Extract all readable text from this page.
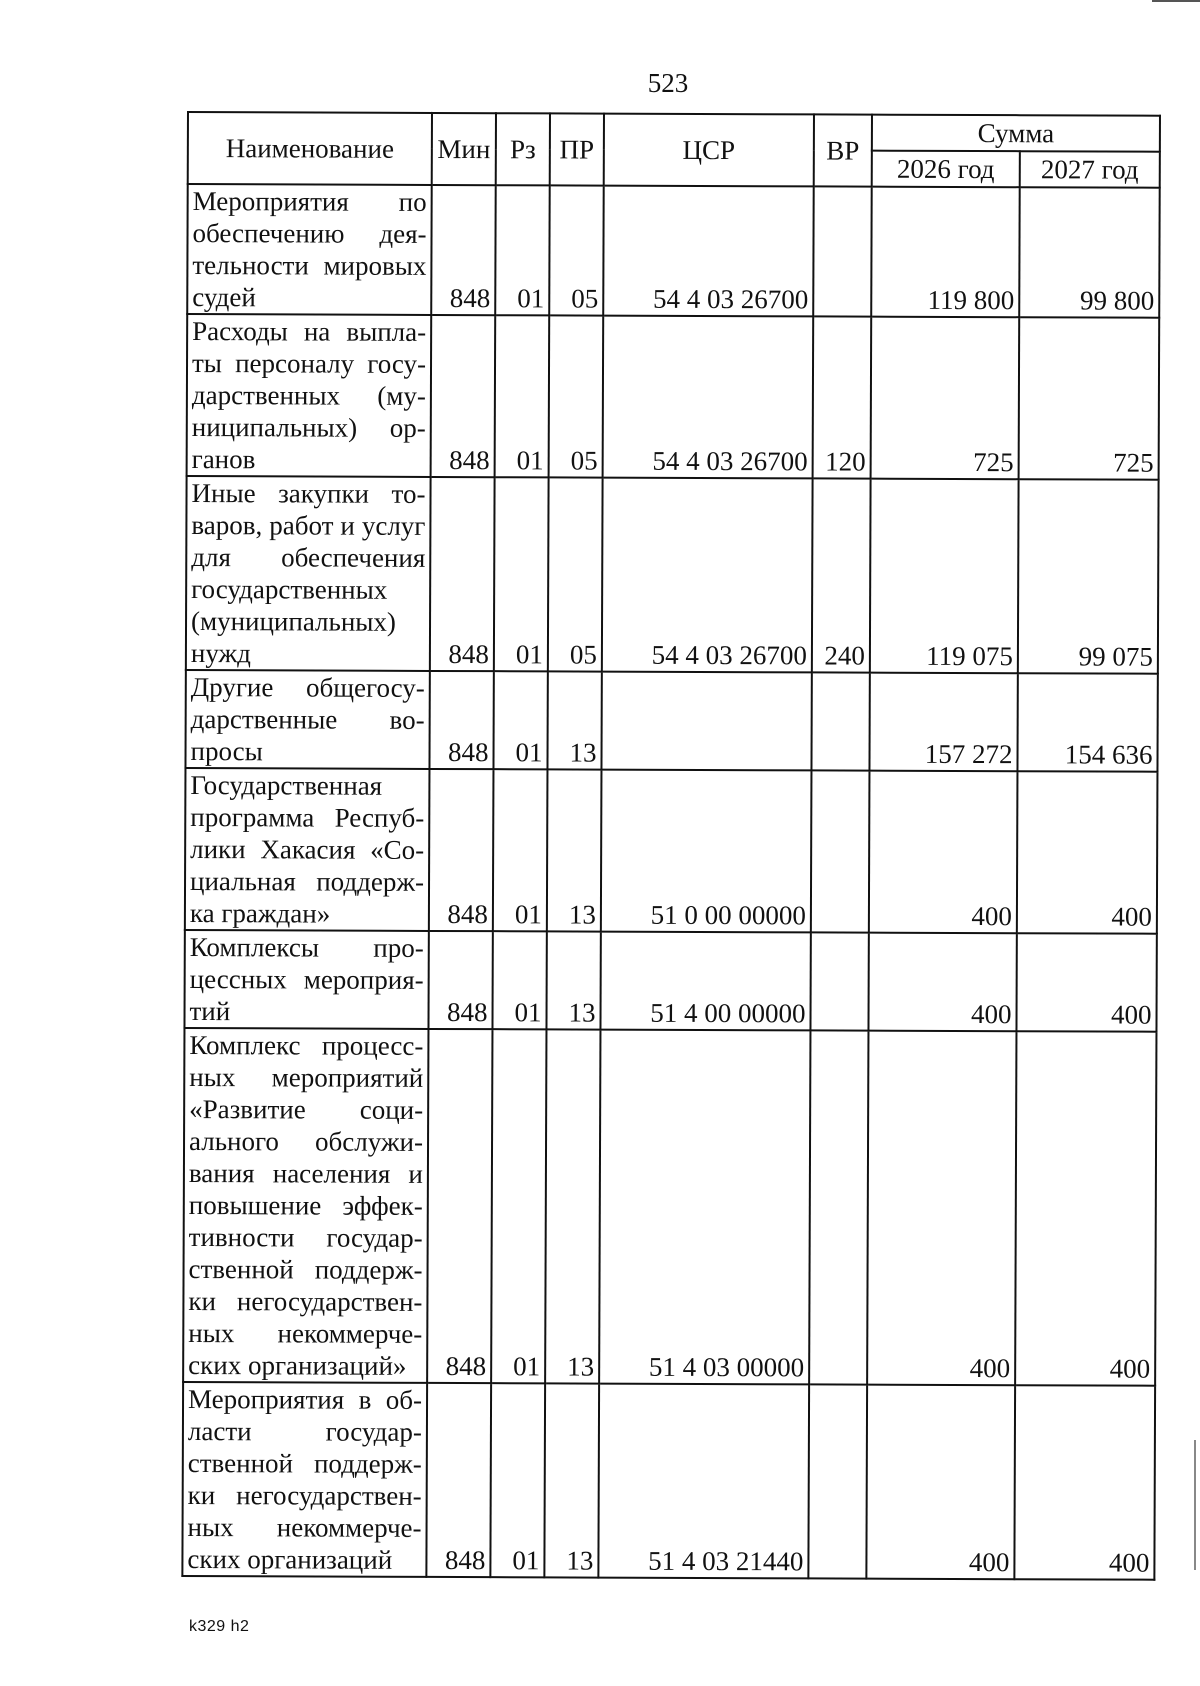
523
Наименование	Мин	Рз	ПР	ЦСР	ВР	Сумма	
						2026 год	2027 год
Мероприятия по обеспечению деятельности мировых судей	848	01	05	54 4 03 26700		119 800	99 800
Расходы на выплаты персоналу государственных (муниципальных) органов	848	01	05	54 4 03 26700	120	725	725
Иные закупки товаров, работ и услуг для обеспечения государственных (муниципальных) нужд	848	01	05	54 4 03 26700	240	119 075	99 075
Другие общегосударственные вопросы	848	01	13			157 272	154 636
Государственная программа Республики Хакасия «Социальная поддержка граждан»	848	01	13	51 0 00 00000		400	400
Комплексы процессных мероприятий	848	01	13	51 4 00 00000		400	400
Комплекс процессных мероприятий «Развитие социального обслуживания населения и повышение эффективности государственной поддержки негосударственных некоммерческих организаций»	848	01	13	51 4 03 00000		400	400
Мероприятия в области государственной поддержки негосударственных некоммерческих организаций	848	01	13	51 4 03 21440		400	400
k329 h2
